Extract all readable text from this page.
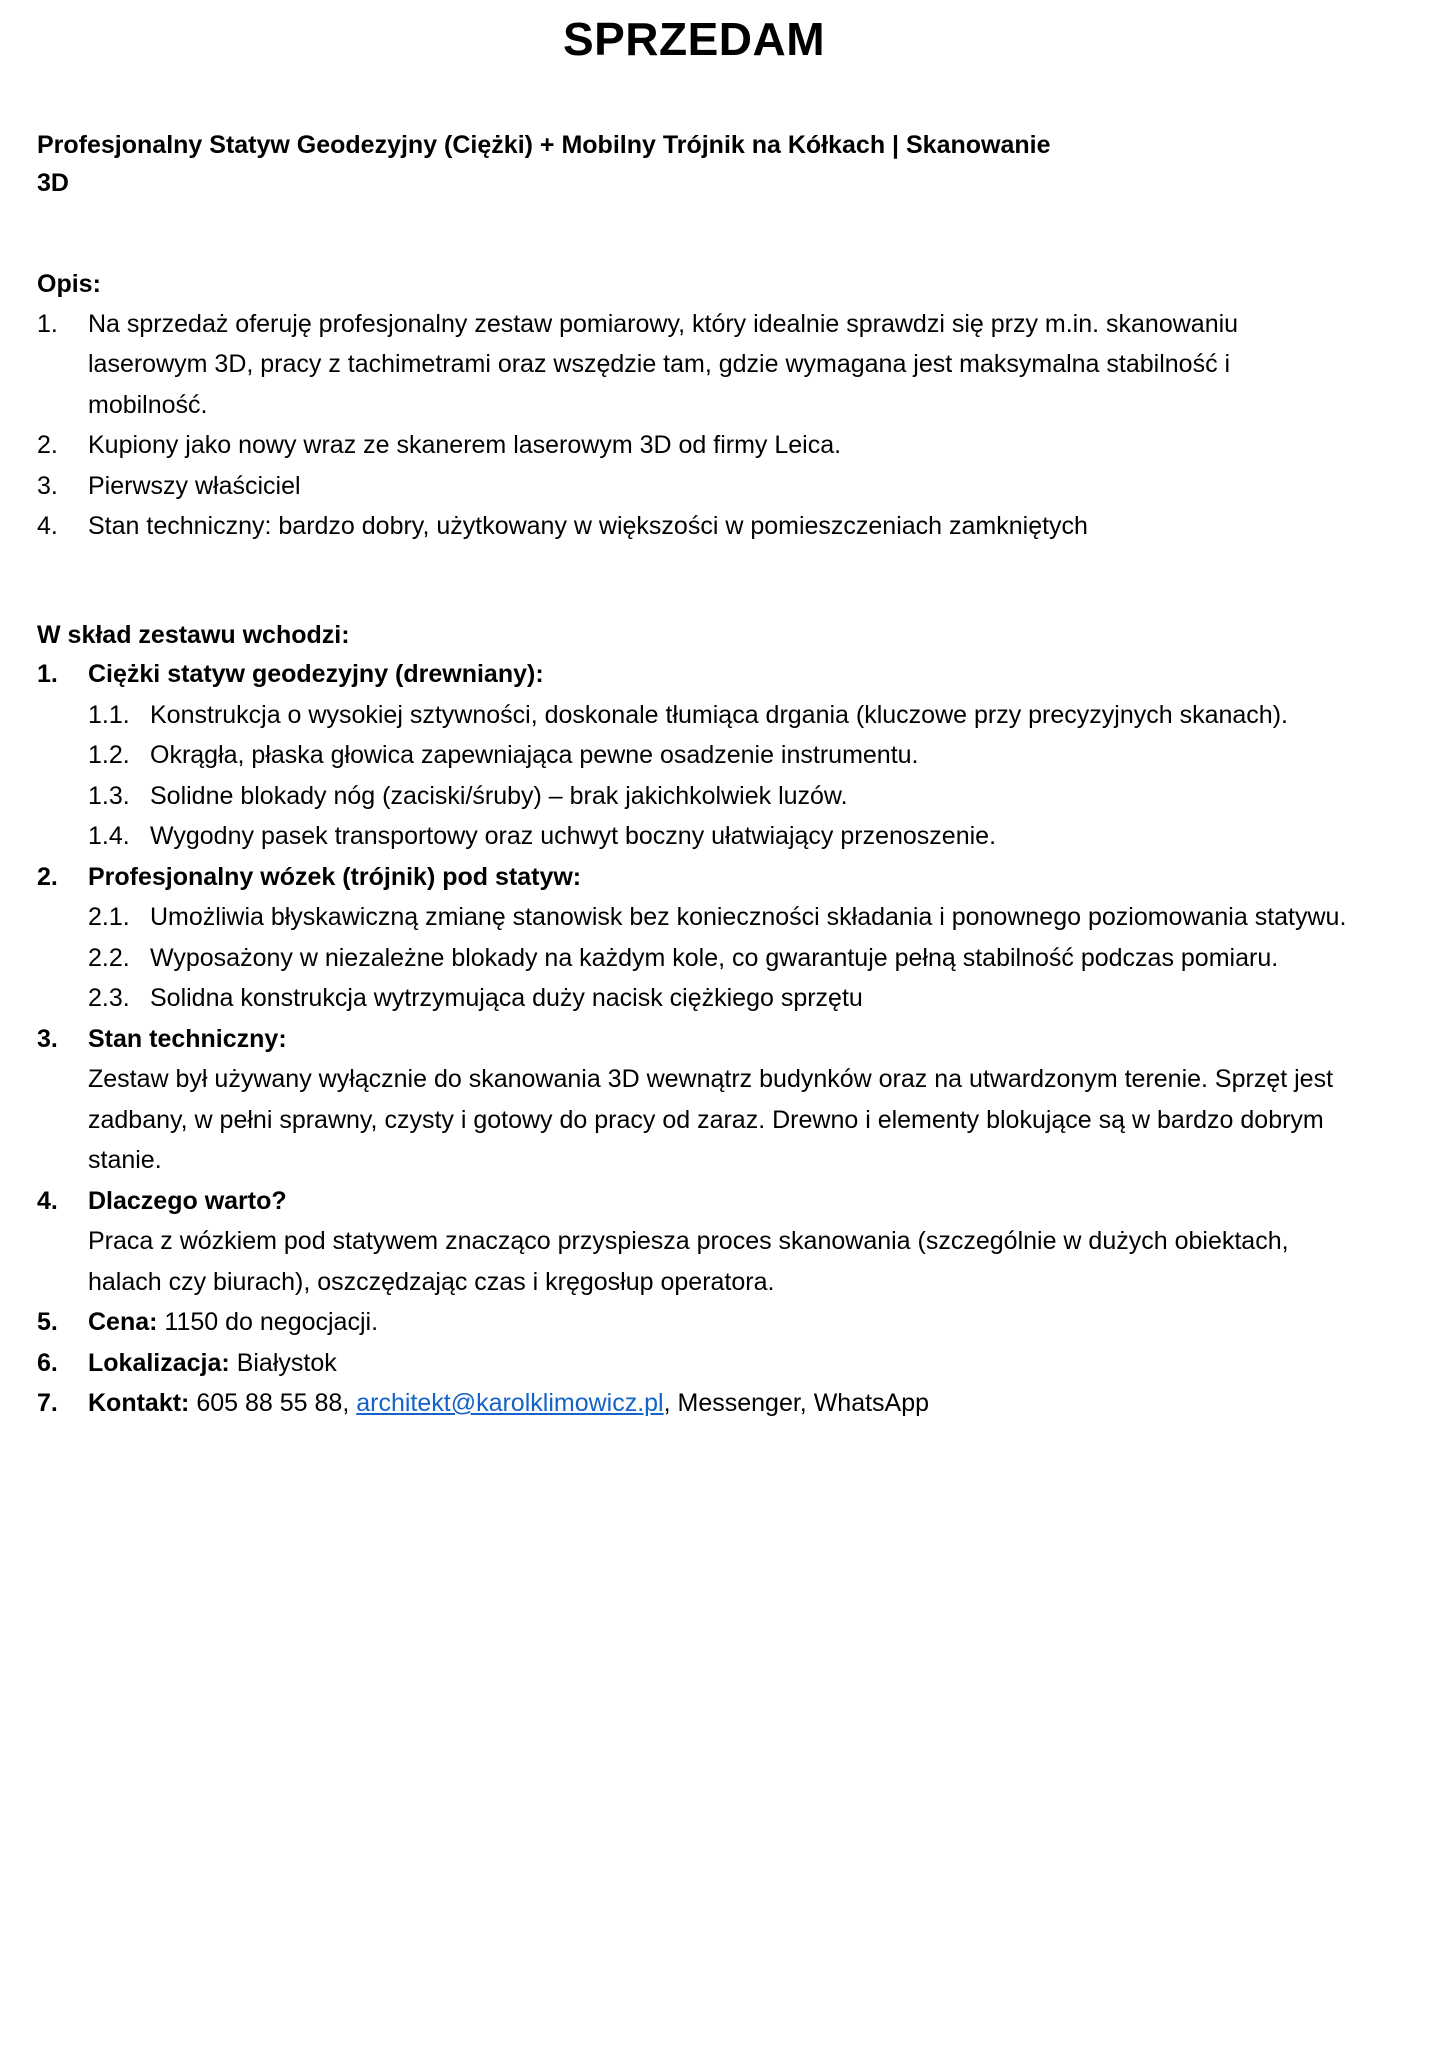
SPRZEDAM
Profesjonalny Statyw Geodezyjny (Ciężki) + Mobilny Trójnik na Kółkach | Skanowanie 3D
Opis:
1.	Na sprzedaż oferuję profesjonalny zestaw pomiarowy, który idealnie sprawdzi się przy m.in. skanowaniu laserowym 3D, pracy z tachimetrami oraz wszędzie tam, gdzie wymagana jest maksymalna stabilność i mobilność.
2.	Kupiony jako nowy wraz ze skanerem laserowym 3D od firmy Leica.
3.	Pierwszy właściciel
4.	Stan techniczny: bardzo dobry, użytkowany w większości w pomieszczeniach zamkniętych
W skład zestawu wchodzi:
1.	Ciężki statyw geodezyjny (drewniany):
1.1. Konstrukcja o wysokiej sztywności, doskonale tłumiąca drgania (kluczowe przy precyzyjnych skanach).
1.2. Okrągła, płaska głowica zapewniająca pewne osadzenie instrumentu.
1.3. Solidne blokady nóg (zaciski/śruby) – brak jakichkolwiek luzów.
1.4. Wygodny pasek transportowy oraz uchwyt boczny ułatwiający przenoszenie.
2.	Profesjonalny wózek (trójnik) pod statyw:
2.1. Umożliwia błyskawiczną zmianę stanowisk bez konieczności składania i ponownego poziomowania statywu.
2.2. Wyposażony w niezależne blokady na każdym kole, co gwarantuje pełną stabilność podczas pomiaru.
2.3. Solidna konstrukcja wytrzymująca duży nacisk ciężkiego sprzętu
3.	Stan techniczny:
Zestaw był używany wyłącznie do skanowania 3D wewnątrz budynków oraz na utwardzonym terenie. Sprzęt jest zadbany, w pełni sprawny, czysty i gotowy do pracy od zaraz. Drewno i elementy blokujące są w bardzo dobrym stanie.
4.	Dlaczego warto?
Praca z wózkiem pod statywem znacząco przyspiesza proces skanowania (szczególnie w dużych obiektach, halach czy biurach), oszczędzając czas i kręgosłup operatora.
5.	Cena: 1150 do negocjacji.
6.	Lokalizacja: Białystok
7.	Kontakt: 605 88 55 88, architekt@karolklimowicz.pl, Messenger, WhatsApp
